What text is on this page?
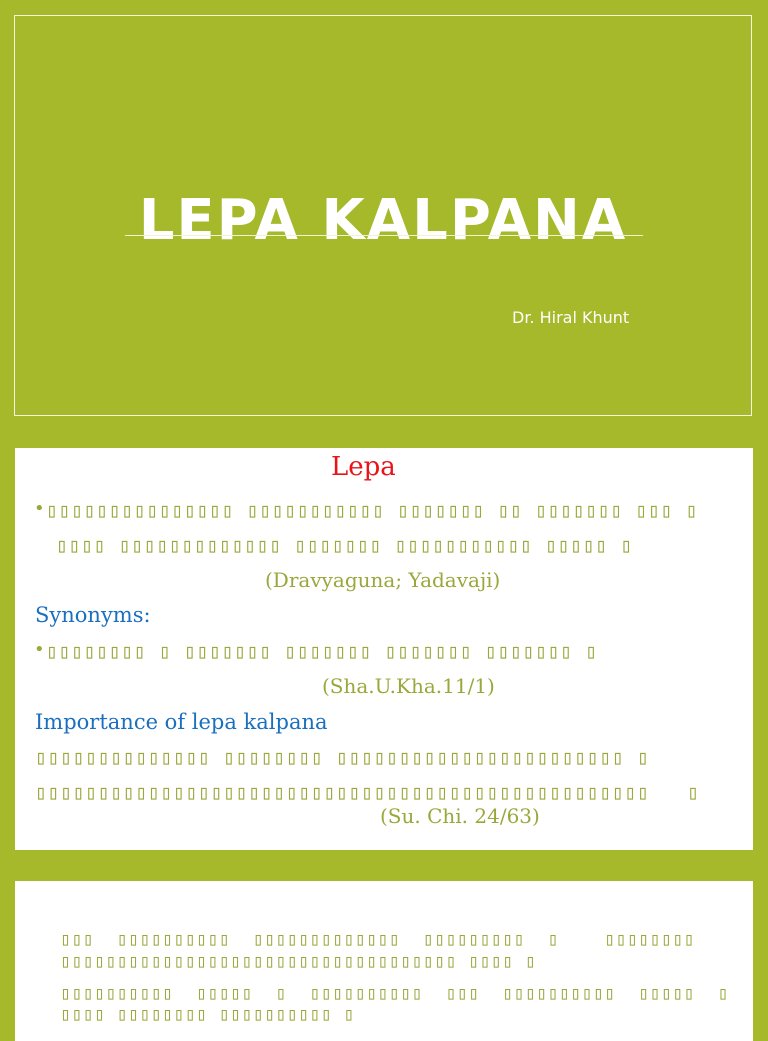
LEPA KALPANA
Dr. Hiral Khunt
Lepa
• ▯▯▯▯▯▯▯▯▯▯▯▯▯▯▯ ▯▯▯▯▯▯▯▯▯▯▯ ▯▯▯▯▯▯▯ ▯▯ ▯▯▯▯▯▯▯ ▯▯▯ ▯
▯▯▯▯ ▯▯▯▯▯▯▯▯▯▯▯▯▯ ▯▯▯▯▯▯▯ ▯▯▯▯▯▯▯▯▯▯▯ ▯▯▯▯▯ ▯
(Dravyaguna; Yadavaji)
Synonyms:
• ▯▯▯▯▯▯▯▯ ▯ ▯▯▯▯▯▯▯ ▯▯▯▯▯▯▯ ▯▯▯▯▯▯▯ ▯▯▯▯▯▯▯ ▯
(Sha.U.Kha.11/1)
Importance of lepa kalpana
▯▯▯▯▯▯▯▯▯▯▯▯▯▯ ▯▯▯▯▯▯▯▯ ▯▯▯▯▯▯▯▯▯▯▯▯▯▯▯▯▯▯▯▯▯▯▯ ▯
▯▯▯▯▯▯▯▯▯▯▯▯▯▯▯▯▯▯▯▯▯▯▯▯▯▯▯▯▯▯▯▯▯▯▯▯▯▯▯▯▯▯▯▯▯▯▯▯▯   ▯
(Su. Chi. 24/63)
▯▯▯  ▯▯▯▯▯▯▯▯▯▯  ▯▯▯▯▯▯▯▯▯▯▯▯▯  ▯▯▯▯▯▯▯▯▯  ▯    ▯▯▯▯▯▯▯▯
▯▯▯▯▯▯▯▯▯▯▯▯▯▯▯▯▯▯▯▯▯▯▯▯▯▯▯▯▯▯▯▯▯▯▯ ▯▯▯▯ ▯
▯▯▯▯▯▯▯▯▯▯  ▯▯▯▯▯  ▯  ▯▯▯▯▯▯▯▯▯▯  ▯▯▯  ▯▯▯▯▯▯▯▯▯▯  ▯▯▯▯▯  ▯
▯▯▯▯ ▯▯▯▯▯▯▯▯ ▯▯▯▯▯▯▯▯▯▯ ▯
